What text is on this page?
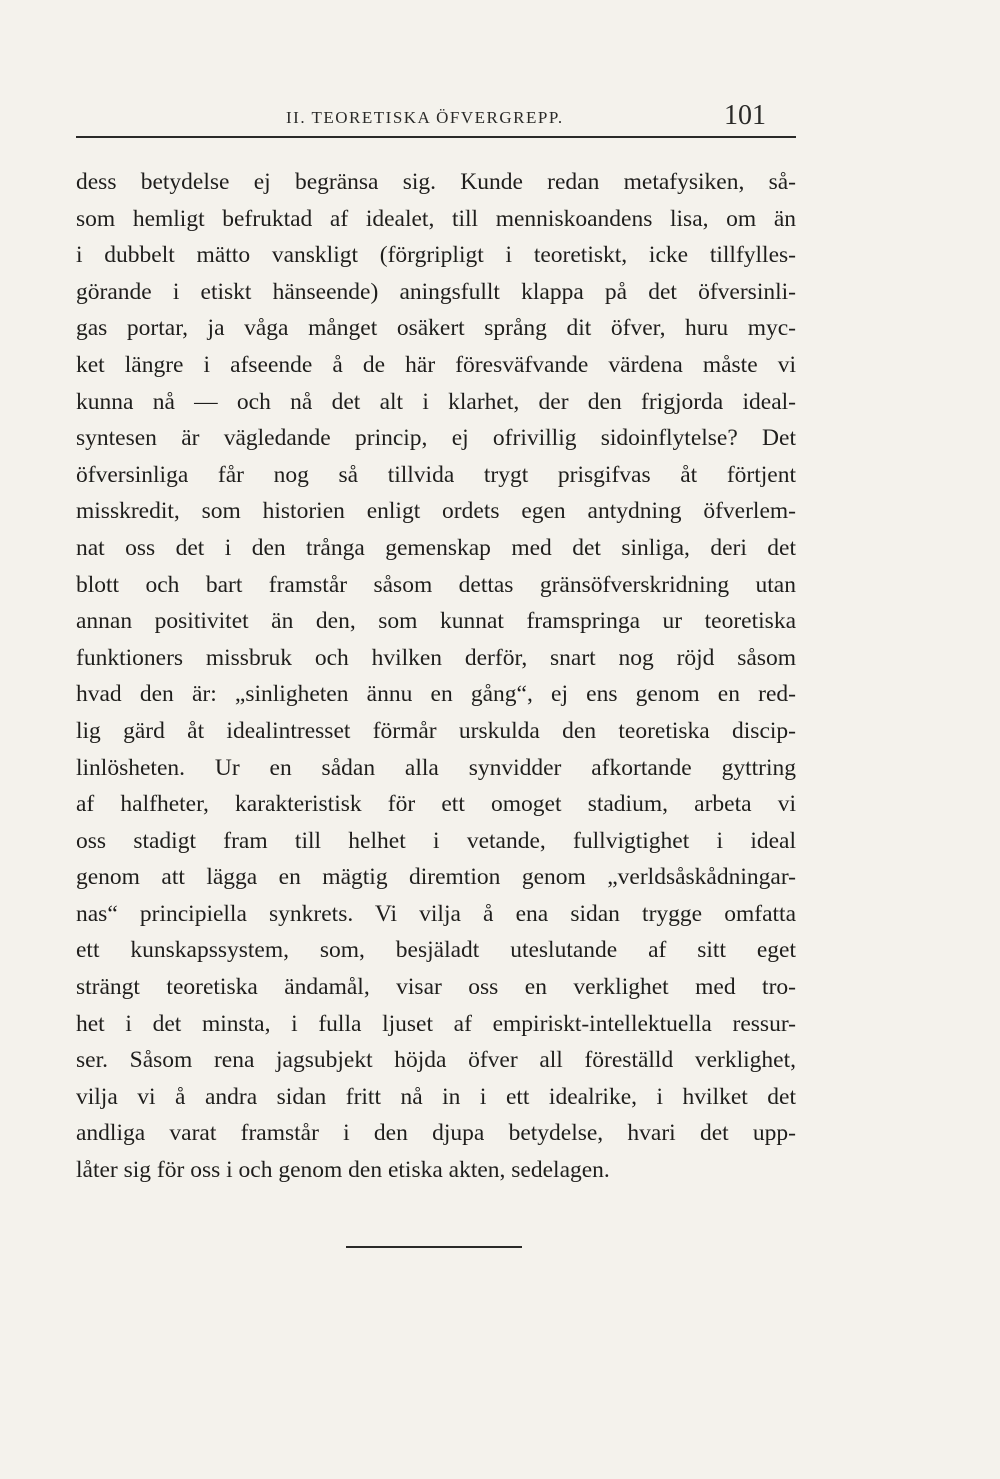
II. TEORETISKA ÖFVERGREPP.	101
dess betydelse ej begränsa sig. Kunde redan metafysiken, så-
som hemligt befruktad af idealet, till menniskoandens lisa, om än
i dubbelt mätto vanskligt (förgripligt i teoretiskt, icke tillfylles-
görande i etiskt hänseende) aningsfullt klappa på det öfversinli-
gas portar, ja våga månget osäkert språng dit öfver, huru myc-
ket längre i afseende å de här föresväfvande värdena måste vi
kunna nå — och nå det alt i klarhet, der den frigjorda ideal-
syntesen är vägledande princip, ej ofrivillig sidoinflytelse? Det
öfversinliga får nog så tillvida trygt prisgifvas åt förtjent
misskredit, som historien enligt ordets egen antydning öfverlem-
nat oss det i den trånga gemenskap med det sinliga, deri det
blott och bart framstår såsom dettas gränsöfverskridning utan
annan positivitet än den, som kunnat framspringa ur teoretiska
funktioners missbruk och hvilken derför, snart nog röjd såsom
hvad den är: „sinligheten ännu en gång“, ej ens genom en red-
lig gärd åt idealintresset förmår urskulda den teoretiska discip-
linlösheten. Ur en sådan alla synvidder afkortande gyttring
af halfheter, karakteristisk för ett omoget stadium, arbeta vi
oss stadigt fram till helhet i vetande, fullvigtighet i ideal
genom att lägga en mägtig diremtion genom „verldsåskådningar-
nas“ principiella synkrets. Vi vilja å ena sidan trygge omfatta
ett kunskapssystem, som, besjäladt uteslutande af sitt eget
strängt teoretiska ändamål, visar oss en verklighet med tro-
het i det minsta, i fulla ljuset af empiriskt-intellektuella ressur-
ser. Såsom rena jagsubjekt höjda öfver all föreställd verklighet,
vilja vi å andra sidan fritt nå in i ett idealrike, i hvilket det
andliga varat framstår i den djupa betydelse, hvari det upp-
låter sig för oss i och genom den etiska akten, sedelagen.
